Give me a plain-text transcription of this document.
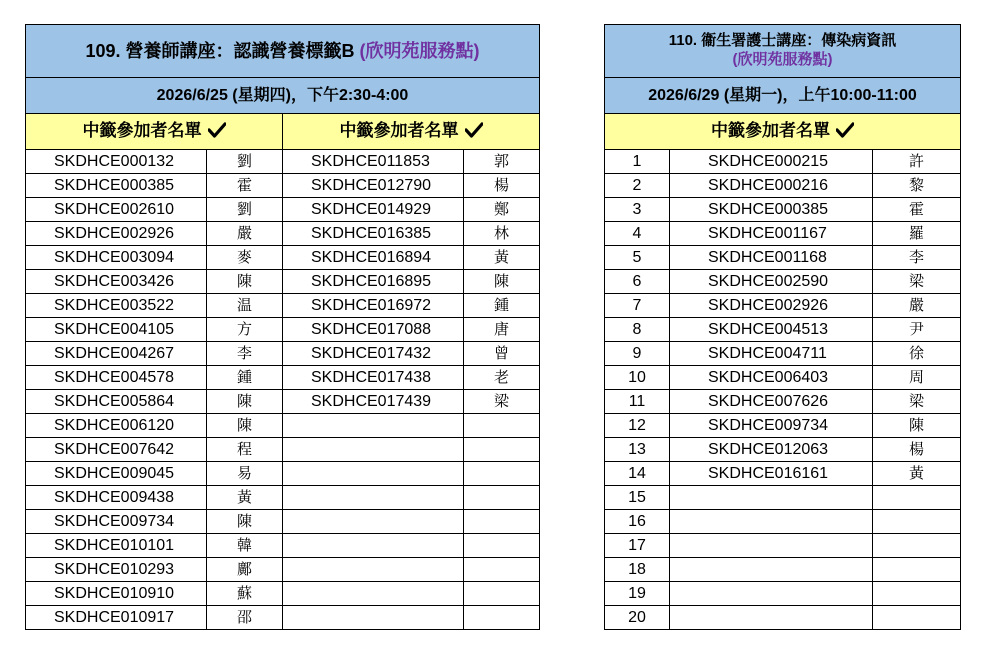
109. 營養師講座：認識營養標籤B (欣明苑服務點)			
2026/6/25 (星期四)，下午2:30-4:00			
中籤參加者名單		中籤參加者名單	
SKDHCE000132	劉	SKDHCE011853	郭
SKDHCE000385	霍	SKDHCE012790	楊
SKDHCE002610	劉	SKDHCE014929	鄭
SKDHCE002926	嚴	SKDHCE016385	林
SKDHCE003094	麥	SKDHCE016894	黃
SKDHCE003426	陳	SKDHCE016895	陳
SKDHCE003522	温	SKDHCE016972	鍾
SKDHCE004105	方	SKDHCE017088	唐
SKDHCE004267	李	SKDHCE017432	曾
SKDHCE004578	鍾	SKDHCE017438	老
SKDHCE005864	陳	SKDHCE017439	梁
SKDHCE006120	陳		
SKDHCE007642	程		
SKDHCE009045	易		
SKDHCE009438	黃		
SKDHCE009734	陳		
SKDHCE010101	韓		
SKDHCE010293	鄺		
SKDHCE010910	蘇		
SKDHCE010917	邵		
110. 衞生署護士講座：傳染病資訊
(欣明苑服務點)		

2026/6/29 (星期一)，上午10:00-11:00		
中籤參加者名單		
1	SKDHCE000215	許
2	SKDHCE000216	黎
3	SKDHCE000385	霍
4	SKDHCE001167	羅
5	SKDHCE001168	李
6	SKDHCE002590	梁
7	SKDHCE002926	嚴
8	SKDHCE004513	尹
9	SKDHCE004711	徐
10	SKDHCE006403	周
11	SKDHCE007626	梁
12	SKDHCE009734	陳
13	SKDHCE012063	楊
14	SKDHCE016161	黃
15		
16		
17		
18		
19		
20		
